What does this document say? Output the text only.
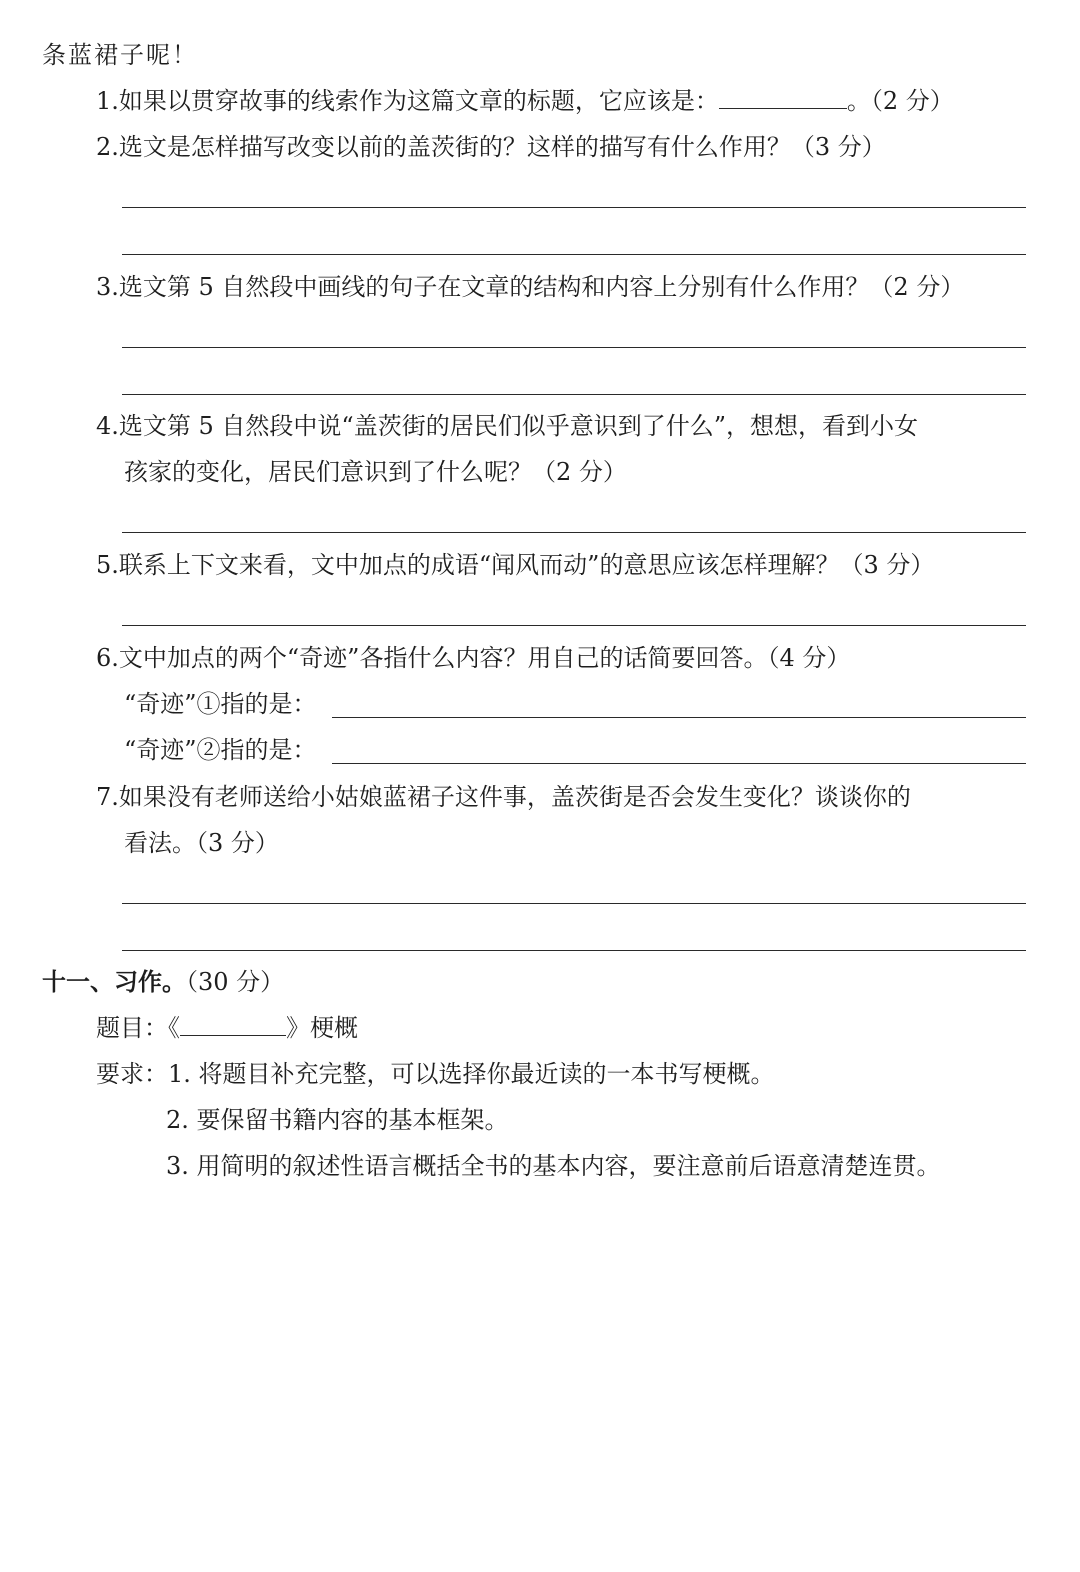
条蓝裙子呢！
1.如果以贯穿故事的线索作为这篇文章的标题，它应该是：	。（2 分）
2.选文是怎样描写改变以前的盖茨街的？这样的描写有什么作用？（3 分）
3.选文第 5 自然段中画线的句子在文章的结构和内容上分别有什么作用？（2 分）
4.选文第 5 自然段中说“盖茨街的居民们似乎意识到了什么”，想想，看到小女
孩家的变化，居民们意识到了什么呢？（2 分）
5.联系上下文来看，文中加点的成语“闻风而动”的意思应该怎样理解？（3 分）
6.文中加点的两个“奇迹”各指什么内容？用自己的话简要回答。（4 分）
“奇迹”①指的是：
“奇迹”②指的是：
7.如果没有老师送给小姑娘蓝裙子这件事，盖茨街是否会发生变化？谈谈你的
看法。（3 分）
十一、习作。（30 分）
题目：《	》梗概
要求：1. 将题目补充完整，可以选择你最近读的一本书写梗概。
2. 要保留书籍内容的基本框架。
3. 用简明的叙述性语言概括全书的基本内容，要注意前后语意清楚连贯。
